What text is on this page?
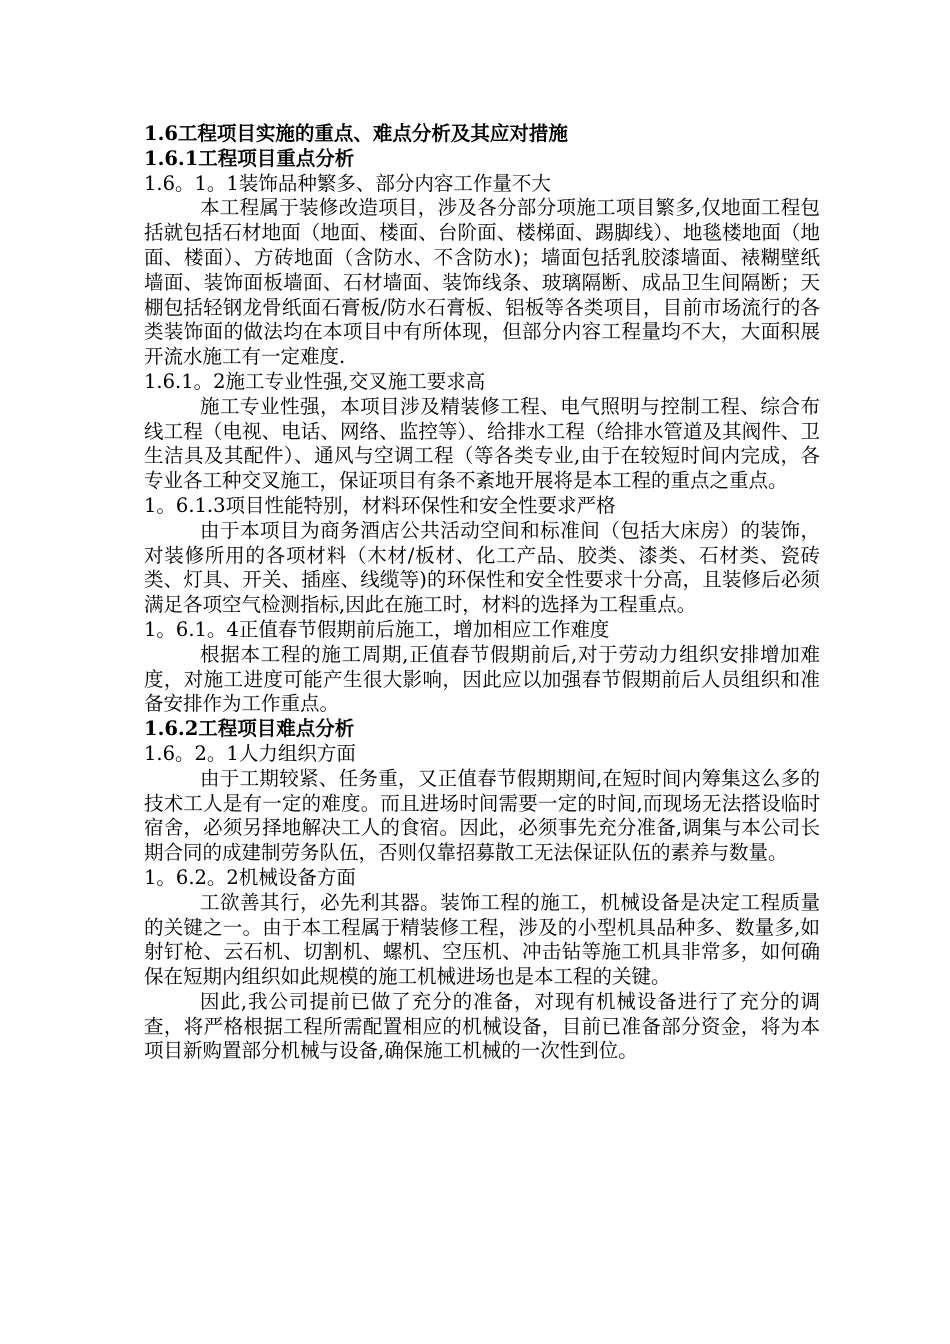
1.6工程项目实施的重点、难点分析及其应对措施

1.6.1工程项目重点分析

1.6。1。1装饰品种繁多、部分内容工作量不大

本工程属于装修改造项目，涉及各分部分项施工项目繁多,仅地面工程包括就包括石材地面（地面、楼面、台阶面、楼梯面、踢脚线）、地毯楼地面（地面、楼面）、方砖地面（含防水、不含防水)；墙面包括乳胶漆墙面、裱糊壁纸墙面、装饰面板墙面、石材墙面、装饰线条、玻璃隔断、成品卫生间隔断；天棚包括轻钢龙骨纸面石膏板/防水石膏板、铝板等各类项目，目前市场流行的各类装饰面的做法均在本项目中有所体现，但部分内容工程量均不大，大面积展开流水施工有一定难度.

1.6.1。2施工专业性强,交叉施工要求高

施工专业性强，本项目涉及精装修工程、电气照明与控制工程、综合布线工程（电视、电话、网络、监控等）、给排水工程（给排水管道及其阀件、卫生洁具及其配件）、通风与空调工程（等各类专业,由于在较短时间内完成，各专业各工种交叉施工，保证项目有条不紊地开展将是本工程的重点之重点。

1。6.1.3项目性能特别，材料环保性和安全性要求严格

由于本项目为商务酒店公共活动空间和标准间（包括大床房）的装饰，对装修所用的各项材料（木材/板材、化工产品、胶类、漆类、石材类、瓷砖类、灯具、开关、插座、线缆等)的环保性和安全性要求十分高，且装修后必须满足各项空气检测指标,因此在施工时，材料的选择为工程重点。

1。6.1。4正值春节假期前后施工，增加相应工作难度

根据本工程的施工周期,正值春节假期前后,对于劳动力组织安排增加难度，对施工进度可能产生很大影响，因此应以加强春节假期前后人员组织和准备安排作为工作重点。

1.6.2工程项目难点分析

1.6。2。1人力组织方面

由于工期较紧、任务重，又正值春节假期期间,在短时间内筹集这么多的技术工人是有一定的难度。而且进场时间需要一定的时间,而现场无法搭设临时宿舍，必须另择地解决工人的食宿。因此，必须事先充分准备,调集与本公司长期合同的成建制劳务队伍，否则仅靠招募散工无法保证队伍的素养与数量。

1。6.2。2机械设备方面

工欲善其行，必先利其器。装饰工程的施工，机械设备是决定工程质量的关键之一。由于本工程属于精装修工程，涉及的小型机具品种多、数量多,如射钉枪、云石机、切割机、螺机、空压机、冲击钻等施工机具非常多，如何确保在短期内组织如此规模的施工机械进场也是本工程的关键。

因此,我公司提前已做了充分的准备，对现有机械设备进行了充分的调查，将严格根据工程所需配置相应的机械设备，目前已准备部分资金，将为本项目新购置部分机械与设备,确保施工机械的一次性到位。
